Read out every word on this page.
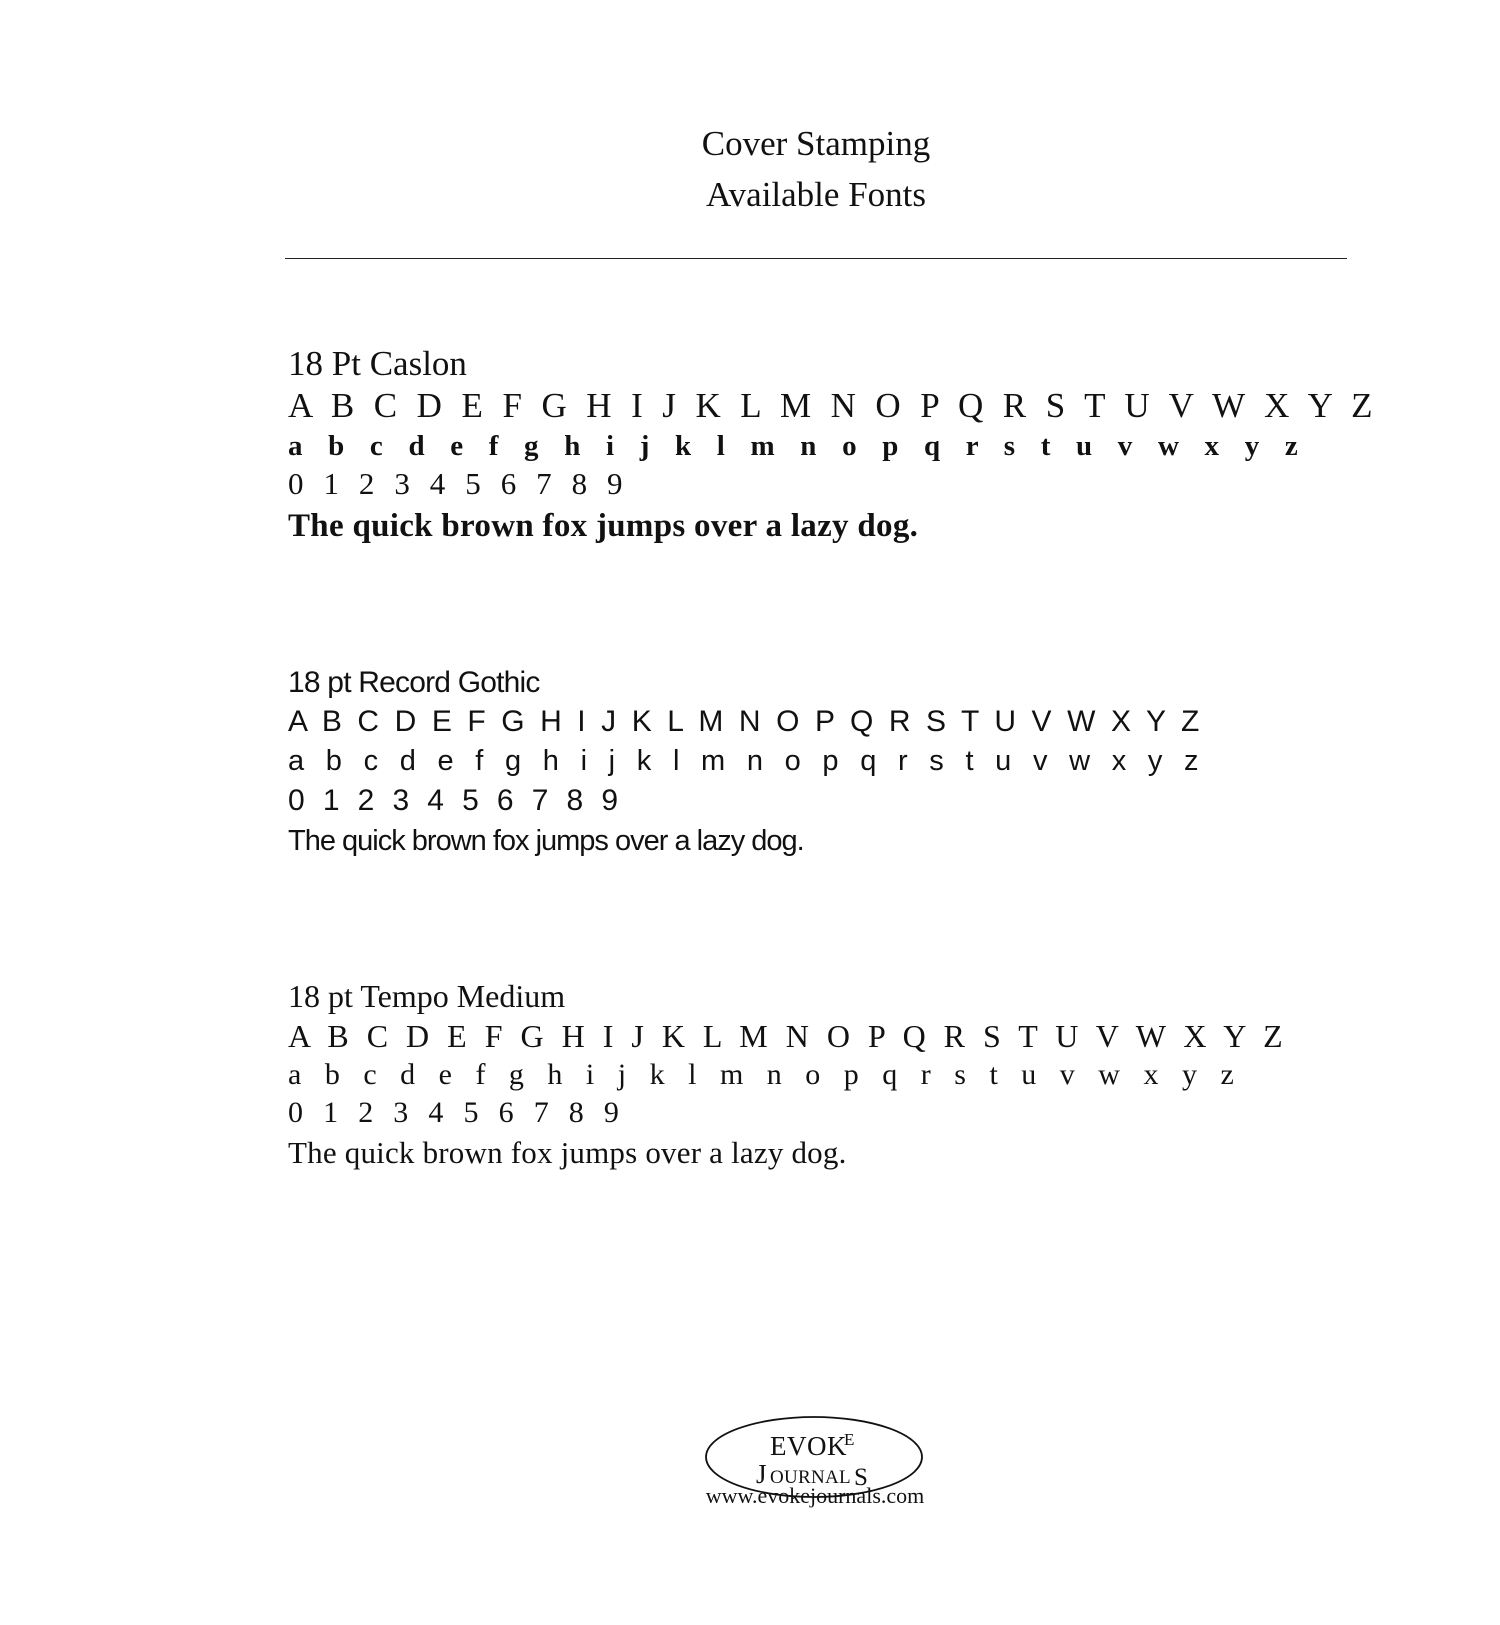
Cover Stamping
Available Fonts
18 Pt Caslon
A B C D E F G H I J K L M N O P Q R S T U V W X Y Z
a b c d e f g h i j k l m n o p q r s t u v w x y z
0 1 2 3 4 5 6 7 8 9
The quick brown fox jumps over a lazy dog.
18 pt Record Gothic
A B C D E F G H I J K L M N O P Q R S T U V W X Y Z
a b c d e f g h i j k l m n o p q r s t u v w x y z
0 1 2 3 4 5 6 7 8 9
The quick brown fox jumps over a lazy dog.
18 pt Tempo Medium
A B C D E F G H I J K L M N O P Q R S T U V W X Y Z
a b c d e f g h i j k l m n o p q r s t u v w x y z
0 1 2 3 4 5 6 7 8 9
The quick brown fox jumps over a lazy dog.
EVOK
E
J OURNAL S
www.evokejournals.com
